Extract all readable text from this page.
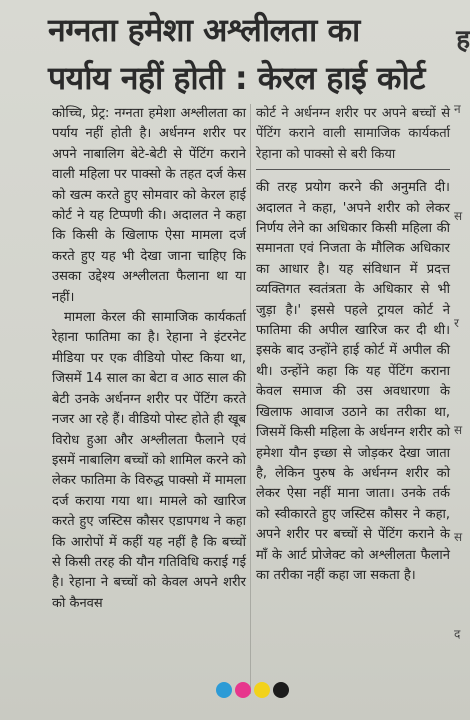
नग्नता हमेशा अश्लीलता का
पर्याय नहीं होती : केरल हाई कोर्ट
ह

कोच्चि, प्रेट्र: नग्नता हमेशा अश्लीलता का पर्याय नहीं होती है। अर्धनग्न शरीर पर अपने नाबालिग बेटे-बेटी से पेंटिंग कराने वाली महिला पर पाक्सो के तहत दर्ज केस को खत्म करते हुए सोमवार को केरल हाई कोर्ट ने यह टिप्पणी की। अदालत ने कहा कि किसी के खिलाफ ऐसा मामला दर्ज करते हुए यह भी देखा जाना चाहिए कि उसका उद्देश्य अश्लीलता फैलाना था या नहीं।

मामला केरल की सामाजिक कार्यकर्ता रेहाना फातिमा का है। रेहाना ने इंटरनेट मीडिया पर एक वीडियो पोस्ट किया था, जिसमें 14 साल का बेटा व आठ साल की बेटी उनके अर्धनग्न शरीर पर पेंटिंग करते नजर आ रहे हैं। वीडियो पोस्ट होते ही खूब विरोध हुआ और अश्लीलता फैलाने एवं इसमें नाबालिग बच्चों को शामिल करने को लेकर फातिमा के विरुद्ध पाक्सो में मामला दर्ज कराया गया था। मामले को खारिज करते हुए जस्टिस कौसर एडापगथ ने कहा कि आरोपों में कहीं यह नहीं है कि बच्चों से किसी तरह की यौन गतिविधि कराई गई है। रेहाना ने बच्चों को केवल अपने शरीर को कैनवस

कोर्ट ने अर्धनग्न शरीर पर अपने बच्चों से पेंटिंग कराने वाली सामाजिक कार्यकर्ता रेहाना को पाक्सो से बरी किया

की तरह प्रयोग करने की अनुमति दी। अदालत ने कहा, 'अपने शरीर को लेकर निर्णय लेने का अधिकार किसी महिला की समानता एवं निजता के मौलिक अधिकार का आधार है। यह संविधान में प्रदत्त व्यक्तिगत स्वतंत्रता के अधिकार से भी जुड़ा है।' इससे पहले ट्रायल कोर्ट ने फातिमा की अपील खारिज कर दी थी। इसके बाद उन्होंने हाई कोर्ट में अपील की थी। उन्होंने कहा कि यह पेंटिंग कराना केवल समाज की उस अवधारणा के खिलाफ आवाज उठाने का तरीका था, जिसमें किसी महिला के अर्धनग्न शरीर को हमेशा यौन इच्छा से जोड़कर देखा जाता है, लेकिन पुरुष के अर्धनग्न शरीर को लेकर ऐसा नहीं माना जाता। उनके तर्क को स्वीकारते हुए जस्टिस कौसर ने कहा, अपने शरीर पर बच्चों से पेंटिंग कराने के माँ के आर्ट प्रोजेक्ट को अश्लीलता फैलाने का तरीका नहीं कहा जा सकता है।

न
स
र
स
स
द
